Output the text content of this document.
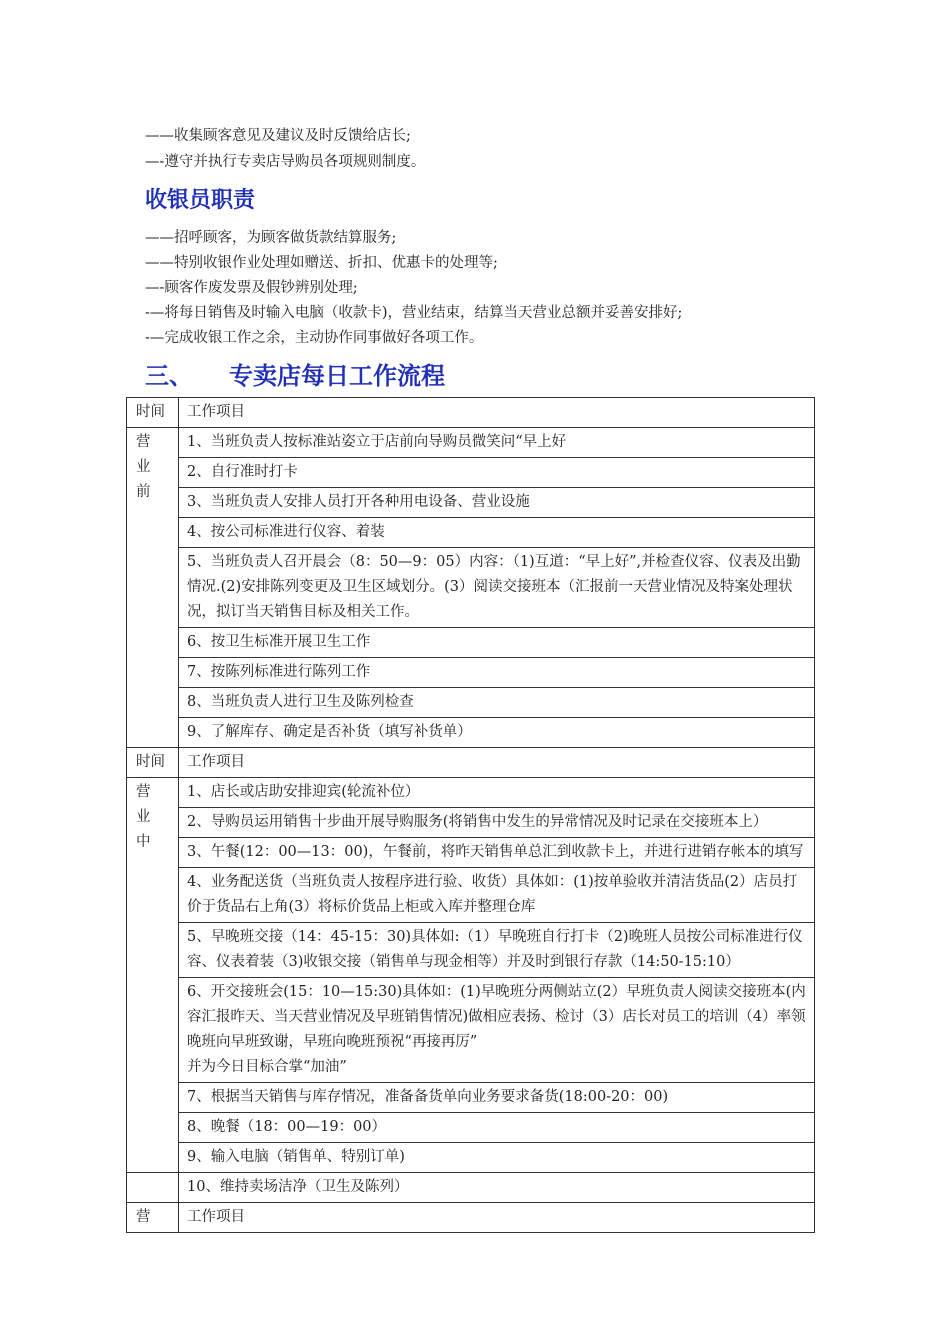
——收集顾客意见及建议及时反馈给店长;
—-遵守并执行专卖店导购员各项规则制度。
收银员职责
——招呼顾客，为顾客做货款结算服务;
——特别收银作业处理如赠送、折扣、优惠卡的处理等;
—-顾客作废发票及假钞辨别处理;
-—将每日销售及时输入电脑（收款卡)，营业结束，结算当天营业总额并妥善安排好;
-—完成收银工作之余，主动协作同事做好各项工作。
三、 专卖店每日工作流程
时间	工作项目

营
业
前	1、当班负责人按标准站姿立于店前向导购员微笑问“早上好
	2、自行准时打卡
	3、当班负责人安排人员打开各种用电设备、营业设施
	4、按公司标准进行仪容、着装
	5、当班负责人召开晨会（8：50—9：05）内容：（1)互道：“早上好”,并检查仪容、仪表及出勤情况.(2)安排陈列变更及卫生区域划分。(3）阅读交接班本（汇报前一天营业情况及特案处理状况，拟订当天销售目标及相关工作。
	6、按卫生标准开展卫生工作
	7、按陈列标准进行陈列工作
	8、当班负责人进行卫生及陈列检查
	9、了解库存、确定是否补货（填写补货单）
时间	工作项目

营
业
中	1、店长或店助安排迎宾(轮流补位）
	2、导购员运用销售十步曲开展导购服务(将销售中发生的异常情况及时记录在交接班本上）
	3、午餐(12：00—13：00)，午餐前，将昨天销售单总汇到收款卡上，并进行进销存帐本的填写
	4、业务配送货（当班负责人按程序进行验、收货）具体如：(1)按单验收并清洁货品(2）店员打价于货品右上角(3）将标价货品上柜或入库并整理仓库
	5、早晚班交接（14：45-15：30)具体如:（1）早晚班自行打卡（2)晚班人员按公司标准进行仪容、仪表着装（3)收银交接（销售单与现金相等）并及时到银行存款（14:50-15:10）

	6、开交接班会(15：10—15:30)具体如：(1)早晚班分两侧站立(2）早班负责人阅读交接班本(内容汇报昨天、当天营业情况及早班销售情况)做相应表扬、检讨（3）店长对员工的培训（4）率领晚班向早班致谢，早班向晚班预祝“再接再厉”
并为今日目标合掌“加油”

	7、根据当天销售与库存情况，准备备货单向业务要求备货(18:00-20：00)
	8、晚餐（18：00—19：00）
	9、输入电脑（销售单、特别订单)
	10、维持卖场洁净（卫生及陈列）
营	工作项目
